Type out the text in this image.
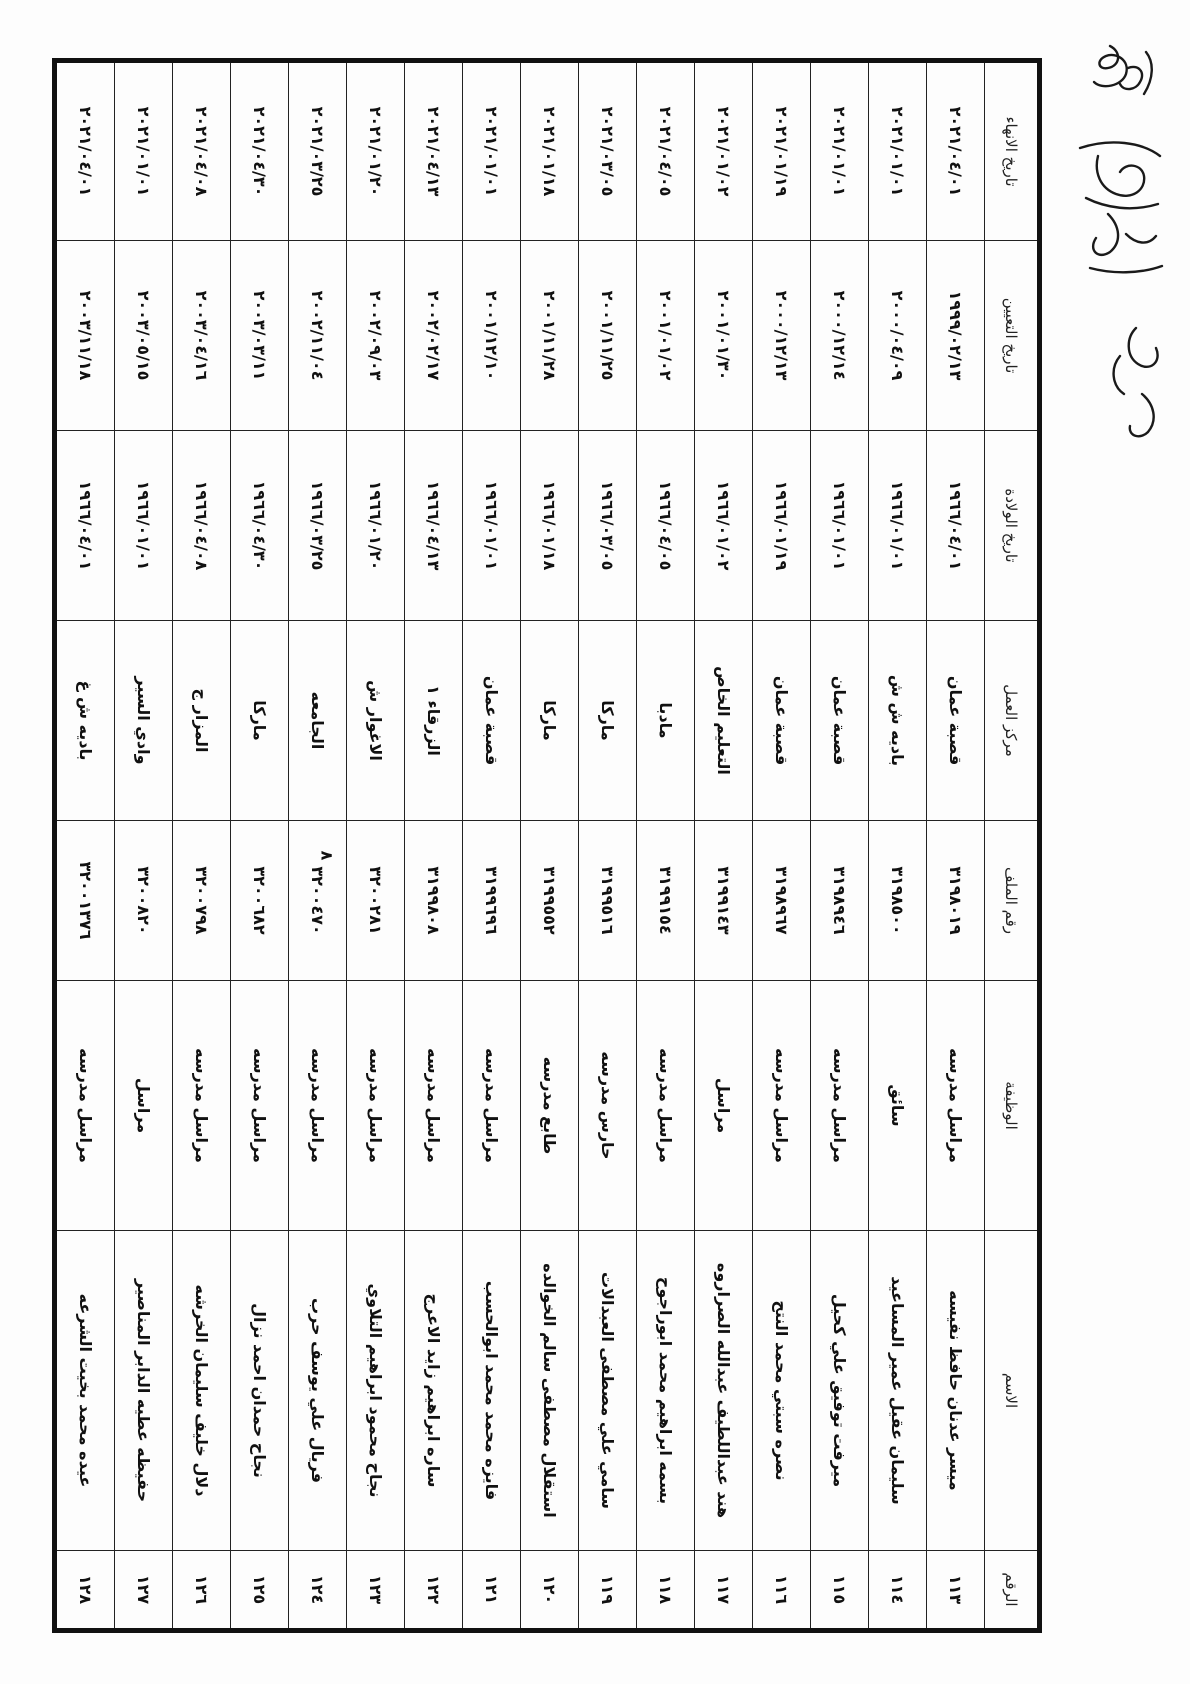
الرقم	الاسم	الوظيفة	رقم الملف	مركز العمل	تاريخ الولادة	تاريخ التعيين	تاريخ الانهاء
١١٣	ميسر عدنان حافظ نفيسه	مراسل مدرسه	٣١٩٨٠١٩	قصبة عمان	١٩٦٦/٠٤/٠١	١٩٩٩/٠٢/١٣	٢٠٢١/٠٤/٠١
١١٤	سليمان عقيل عمير المساعيد	سائق	٣١٩٨٥٠٠	باديه ش ش	١٩٦٦/٠١/٠١	٢٠٠٠/٠٤/٠٩	٢٠٢١/٠١/٠١
١١٥	ميرفت توفيق علي كحيل	مراسل مدرسه	٣١٩٨٩٤٦	قصبة عمان	١٩٦٦/٠١/٠١	٢٠٠٠/١٢/١٤	٢٠٢١/٠١/٠١
١١٦	نصره سبتي محمد النتح	مراسل مدرسه	٣١٩٨٩٦٧	قصبة عمان	١٩٦٦/٠١/١٩	٢٠٠٠/١٢/١٣	٢٠٢١/٠١/١٩
١١٧	هند عبداللطيف عبدالله الصراروه	مراسل	٣١٩٩١٤٣	التعليم الخاص	١٩٦٦/٠١/٠٢	٢٠٠١/٠١/٣٠	٢٠٢١/٠١/٠٢
١١٨	بسمه ابراهيم محمد ابوراجوح	مراسل مدرسه	٣١٩٩١٥٤	مادبا	١٩٦٦/٠٤/٠٥	٢٠٠١/٠١/٠٢	٢٠٢١/٠٤/٠٥
١١٩	سامي علي مصطفى العبدالات	حارس مدرسه	٣١٩٩٥١٦	ماركا	١٩٦٦/٠٣/٠٥	٢٠٠١/١١/٢٥	٢٠٢١/٠٣/٠٥
١٢٠	استقلال مصطفى سالم الخوالده	طابع مدرسه	٣١٩٩٥٥٢	ماركا	١٩٦٦/٠١/١٨	٢٠٠١/١١/٢٨	٢٠٢١/٠١/١٨
١٢١	فايزه محمد محمد ابوالحسب	مراسل مدرسه	٣١٩٩٦٩٦	قصبة عمان	١٩٦٦/٠١/٠١	٢٠٠١/١٢/١٠	٢٠٢١/٠١/٠١
١٢٢	ساره ابراهيم زايد الاعرج	مراسل مدرسه	٣١٩٩٨٠٨	الزرقاء ١	١٩٦٦/٠٤/١٣	٢٠٠٢/٠٢/١٧	٢٠٢١/٠٤/١٣
١٢٣	نجاح محمود ابراهيم التلاوي	مراسل مدرسه	٣٢٠٠٢٨١	الاغوار ش	١٩٦٦/٠١/٢٠	٢٠٠٢/٠٩/٠٣	٢٠٢١/٠١/٢٠
١٢٤	فريال علي يوسف حرب	مراسل مدرسه	٣٢٠٠٤٧٠	الجامعه	١٩٦٦/٠٣/٢٥	٢٠٠٢/١١/٠٤	٢٠٢١/٠٣/٢٥
١٢٥	نجاح حمدان احمد نزال	مراسل مدرسه	٣٢٠٠٦٨٢	ماركا	١٩٦٦/٠٤/٣٠	٢٠٠٣/٠٣/١١	٢٠٢١/٠٤/٣٠
١٢٦	دلال خليف سليمان الخرشه	مراسل مدرسه	٣٢٠٠٧٩٨	المزار ج	١٩٦٦/٠٤/٠٨	٢٠٠٣/٠٤/١٦	٢٠٢١/٠٤/٠٨
١٢٧	حفيظه عطيه الدابر المناصير	مراسل	٣٢٠٠٨٢٠	وادي السير	١٩٦٦/٠١/٠١	٢٠٠٣/٠٥/١٥	٢٠٢١/٠١/٠١
١٢٨	عيده محمد بخيت الشرعه	مراسل مدرسه	٣٢٠٠١٣٧٦	باديه ش غ	١٩٦٦/٠٤/٠١	٢٠٠٣/١١/١٨	٢٠٢١/٠٤/٠١
٨
